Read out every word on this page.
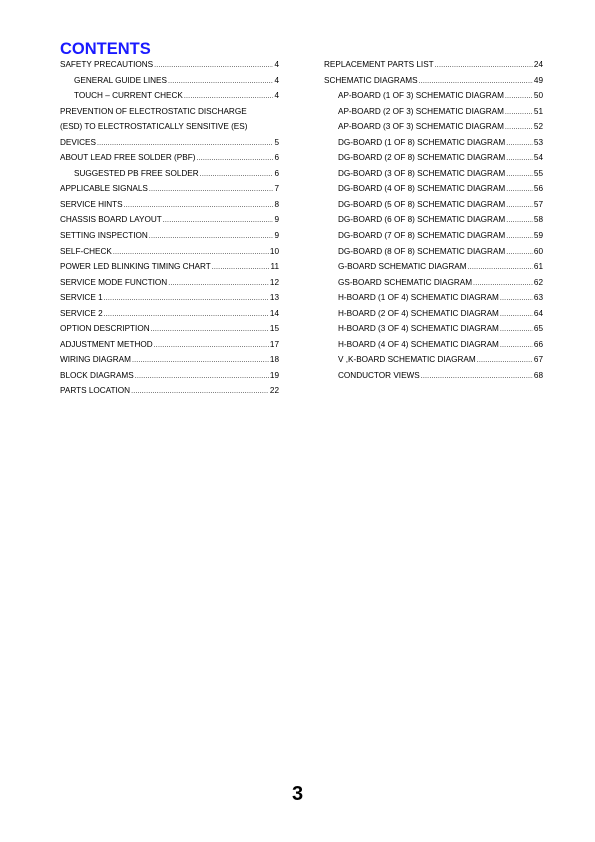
CONTENTS
SAFETY PRECAUTIONS .....	4
GENERAL GUIDE LINES .....	4
TOUCH – CURRENT CHECK .....	4
PREVENTION OF ELECTROSTATIC DISCHARGE
(ESD) TO ELECTROSTATICALLY SENSITIVE (ES)
DEVICES .....	5
ABOUT LEAD FREE SOLDER (PBF) .....	6
SUGGESTED PB FREE SOLDER .....	6
APPLICABLE SIGNALS .....	7
SERVICE HINTS .....	8
CHASSIS BOARD LAYOUT .....	9
SETTING INSPECTION .....	9
SELF-CHECK .....	10
POWER LED BLINKING TIMING CHART .....	11
SERVICE MODE FUNCTION .....	12
SERVICE 1 .....	13
SERVICE 2 .....	14
OPTION DESCRIPTION .....	15
ADJUSTMENT METHOD .....	17
WIRING DIAGRAM .....	18
BLOCK DIAGRAMS .....	19
PARTS LOCATION .....	22
REPLACEMENT PARTS LIST .....	24
SCHEMATIC DIAGRAMS .....	49
AP-BOARD (1 OF 3) SCHEMATIC DIAGRAM .....	50
AP-BOARD (2 OF 3) SCHEMATIC DIAGRAM .....	51
AP-BOARD (3 OF 3) SCHEMATIC DIAGRAM .....	52
DG-BOARD (1 OF 8) SCHEMATIC DIAGRAM .....	53
DG-BOARD (2 OF 8) SCHEMATIC DIAGRAM .....	54
DG-BOARD (3 OF 8) SCHEMATIC DIAGRAM .....	55
DG-BOARD (4 OF 8) SCHEMATIC DIAGRAM .....	56
DG-BOARD (5 OF 8) SCHEMATIC DIAGRAM .....	57
DG-BOARD (6 OF 8) SCHEMATIC DIAGRAM .....	58
DG-BOARD (7 OF 8) SCHEMATIC DIAGRAM .....	59
DG-BOARD (8 OF 8) SCHEMATIC DIAGRAM .....	60
G-BOARD SCHEMATIC DIAGRAM .....	61
GS-BOARD SCHEMATIC DIAGRAM .....	62
H-BOARD (1 OF 4) SCHEMATIC DIAGRAM .....	63
H-BOARD (2 OF 4) SCHEMATIC DIAGRAM .....	64
H-BOARD (3 OF 4) SCHEMATIC DIAGRAM .....	65
H-BOARD (4 OF 4) SCHEMATIC DIAGRAM .....	66
V ,K-BOARD SCHEMATIC DIAGRAM .....	67
CONDUCTOR VIEWS .....	68
3
